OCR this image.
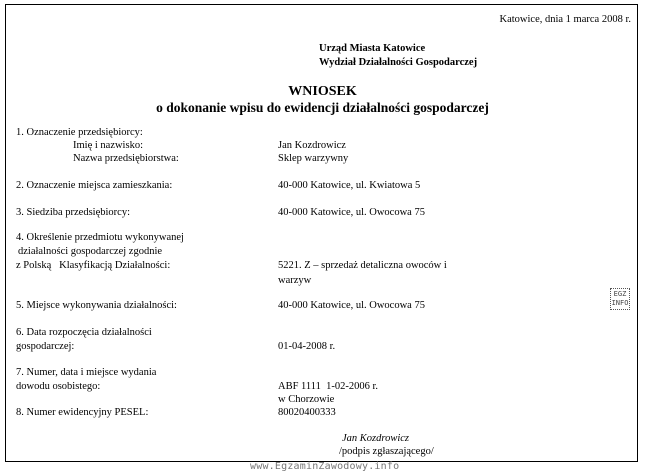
Katowice, dnia 1 marca 2008 r.
Urząd Miasta Katowice
Wydział Działalności Gospodarczej
WNIOSEK
o dokonanie wpisu do ewidencji działalności gospodarczej
1. Oznaczenie przedsiębiorcy:
Imię i nazwisko:	Jan Kozdrowicz
Nazwa przedsiębiorstwa:	Sklep warzywny
2. Oznaczenie miejsca zamieszkania:	40-000 Katowice, ul. Kwiatowa 5
3. Siedziba przedsiębiorcy:	40-000 Katowice, ul. Owocowa 75
4. Określenie przedmiotu wykonywanej
działalności gospodarczej zgodnie
z Polską   Klasyfikacją Działalności:	5221. Z – sprzedaż detaliczna owoców i
warzyw
5. Miejsce wykonywania działalności:	40-000 Katowice, ul. Owocowa 75
6. Data rozpoczęcia działalności
gospodarczej:	01-04-2008 r.
7. Numer, data i miejsce wydania
dowodu osobistego:	ABF 1111  1-02-2006 r.
w Chorzowie
8. Numer ewidencyjny PESEL:	80020400333
Jan Kozdrowicz
/podpis zgłaszającego/
EGZ
INFO
www.EgzaminZawodowy.info
